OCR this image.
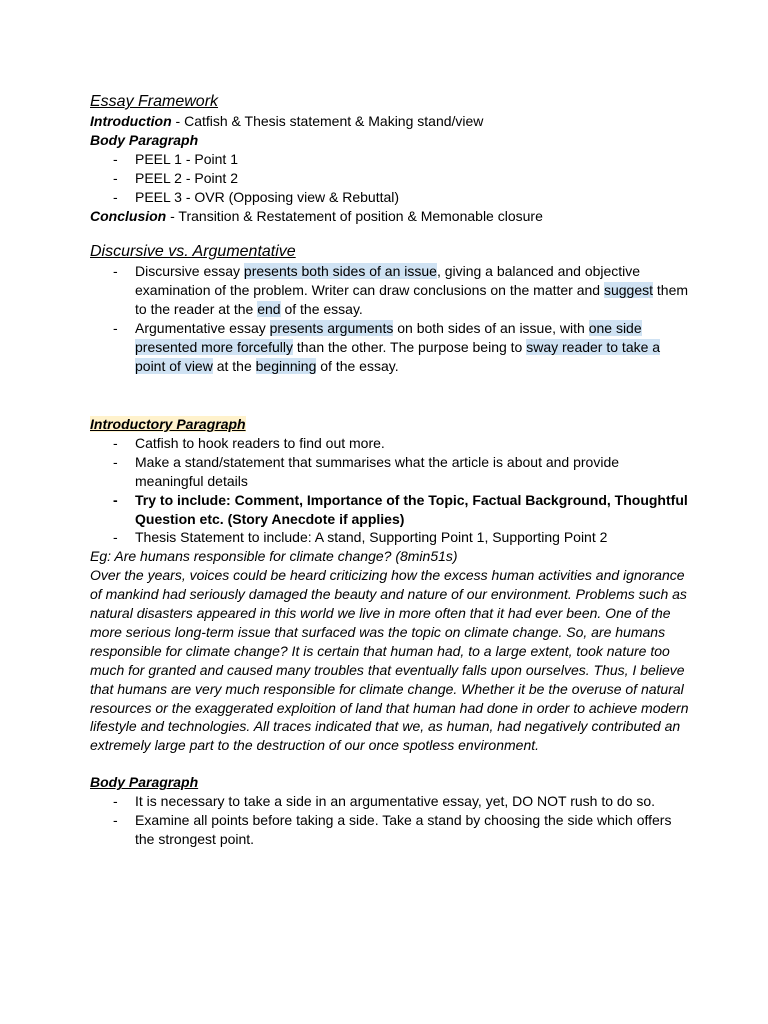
Essay Framework

Introduction - Catfish & Thesis statement & Making stand/view

Body Paragraph

- PEEL 1 - Point 1
- PEEL 2 - Point 2
- PEEL 3 - OVR (Opposing view & Rebuttal)

Conclusion - Transition & Restatement of position & Memonable closure

Discursive vs. Argumentative
- Discursive essay presents both sides of an issue, giving a balanced and objective examination of the problem. Writer can draw conclusions on the matter and suggest them to the reader at the end of the essay.
- Argumentative essay presents arguments on both sides of an issue, with one side presented more forcefully than the other. The purpose being to sway reader to take a point of view at the beginning of the essay.
Introductory Paragraph
- Catfish to hook readers to find out more.
- Make a stand/statement that summarises what the article is about and provide meaningful details
- Try to include: Comment, Importance of the Topic, Factual Background, Thoughtful Question etc. (Story Anecdote if applies)
- Thesis Statement to include: A stand, Supporting Point 1, Supporting Point 2

Eg: Are humans responsible for climate change? (8min51s)

Over the years, voices could be heard criticizing how the excess human activities and ignorance of mankind had seriously damaged the beauty and nature of our environment. Problems such as natural disasters appeared in this world we live in more often that it had ever been. One of the more serious long-term issue that surfaced was the topic on climate change. So, are humans responsible for climate change? It is certain that human had, to a large extent, took nature too much for granted and caused many troubles that eventually falls upon ourselves. Thus, I believe that humans are very much responsible for climate change. Whether it be the overuse of natural resources or the exaggerated exploition of land that human had done in order to achieve modern lifestyle and technologies. All traces indicated that we, as human, had negatively contributed an extremely large part to the destruction of our once spotless environment.

Body Paragraph
- It is necessary to take a side in an argumentative essay, yet, DO NOT rush to do so.
- Examine all points before taking a side. Take a stand by choosing the side which offers the strongest point.
